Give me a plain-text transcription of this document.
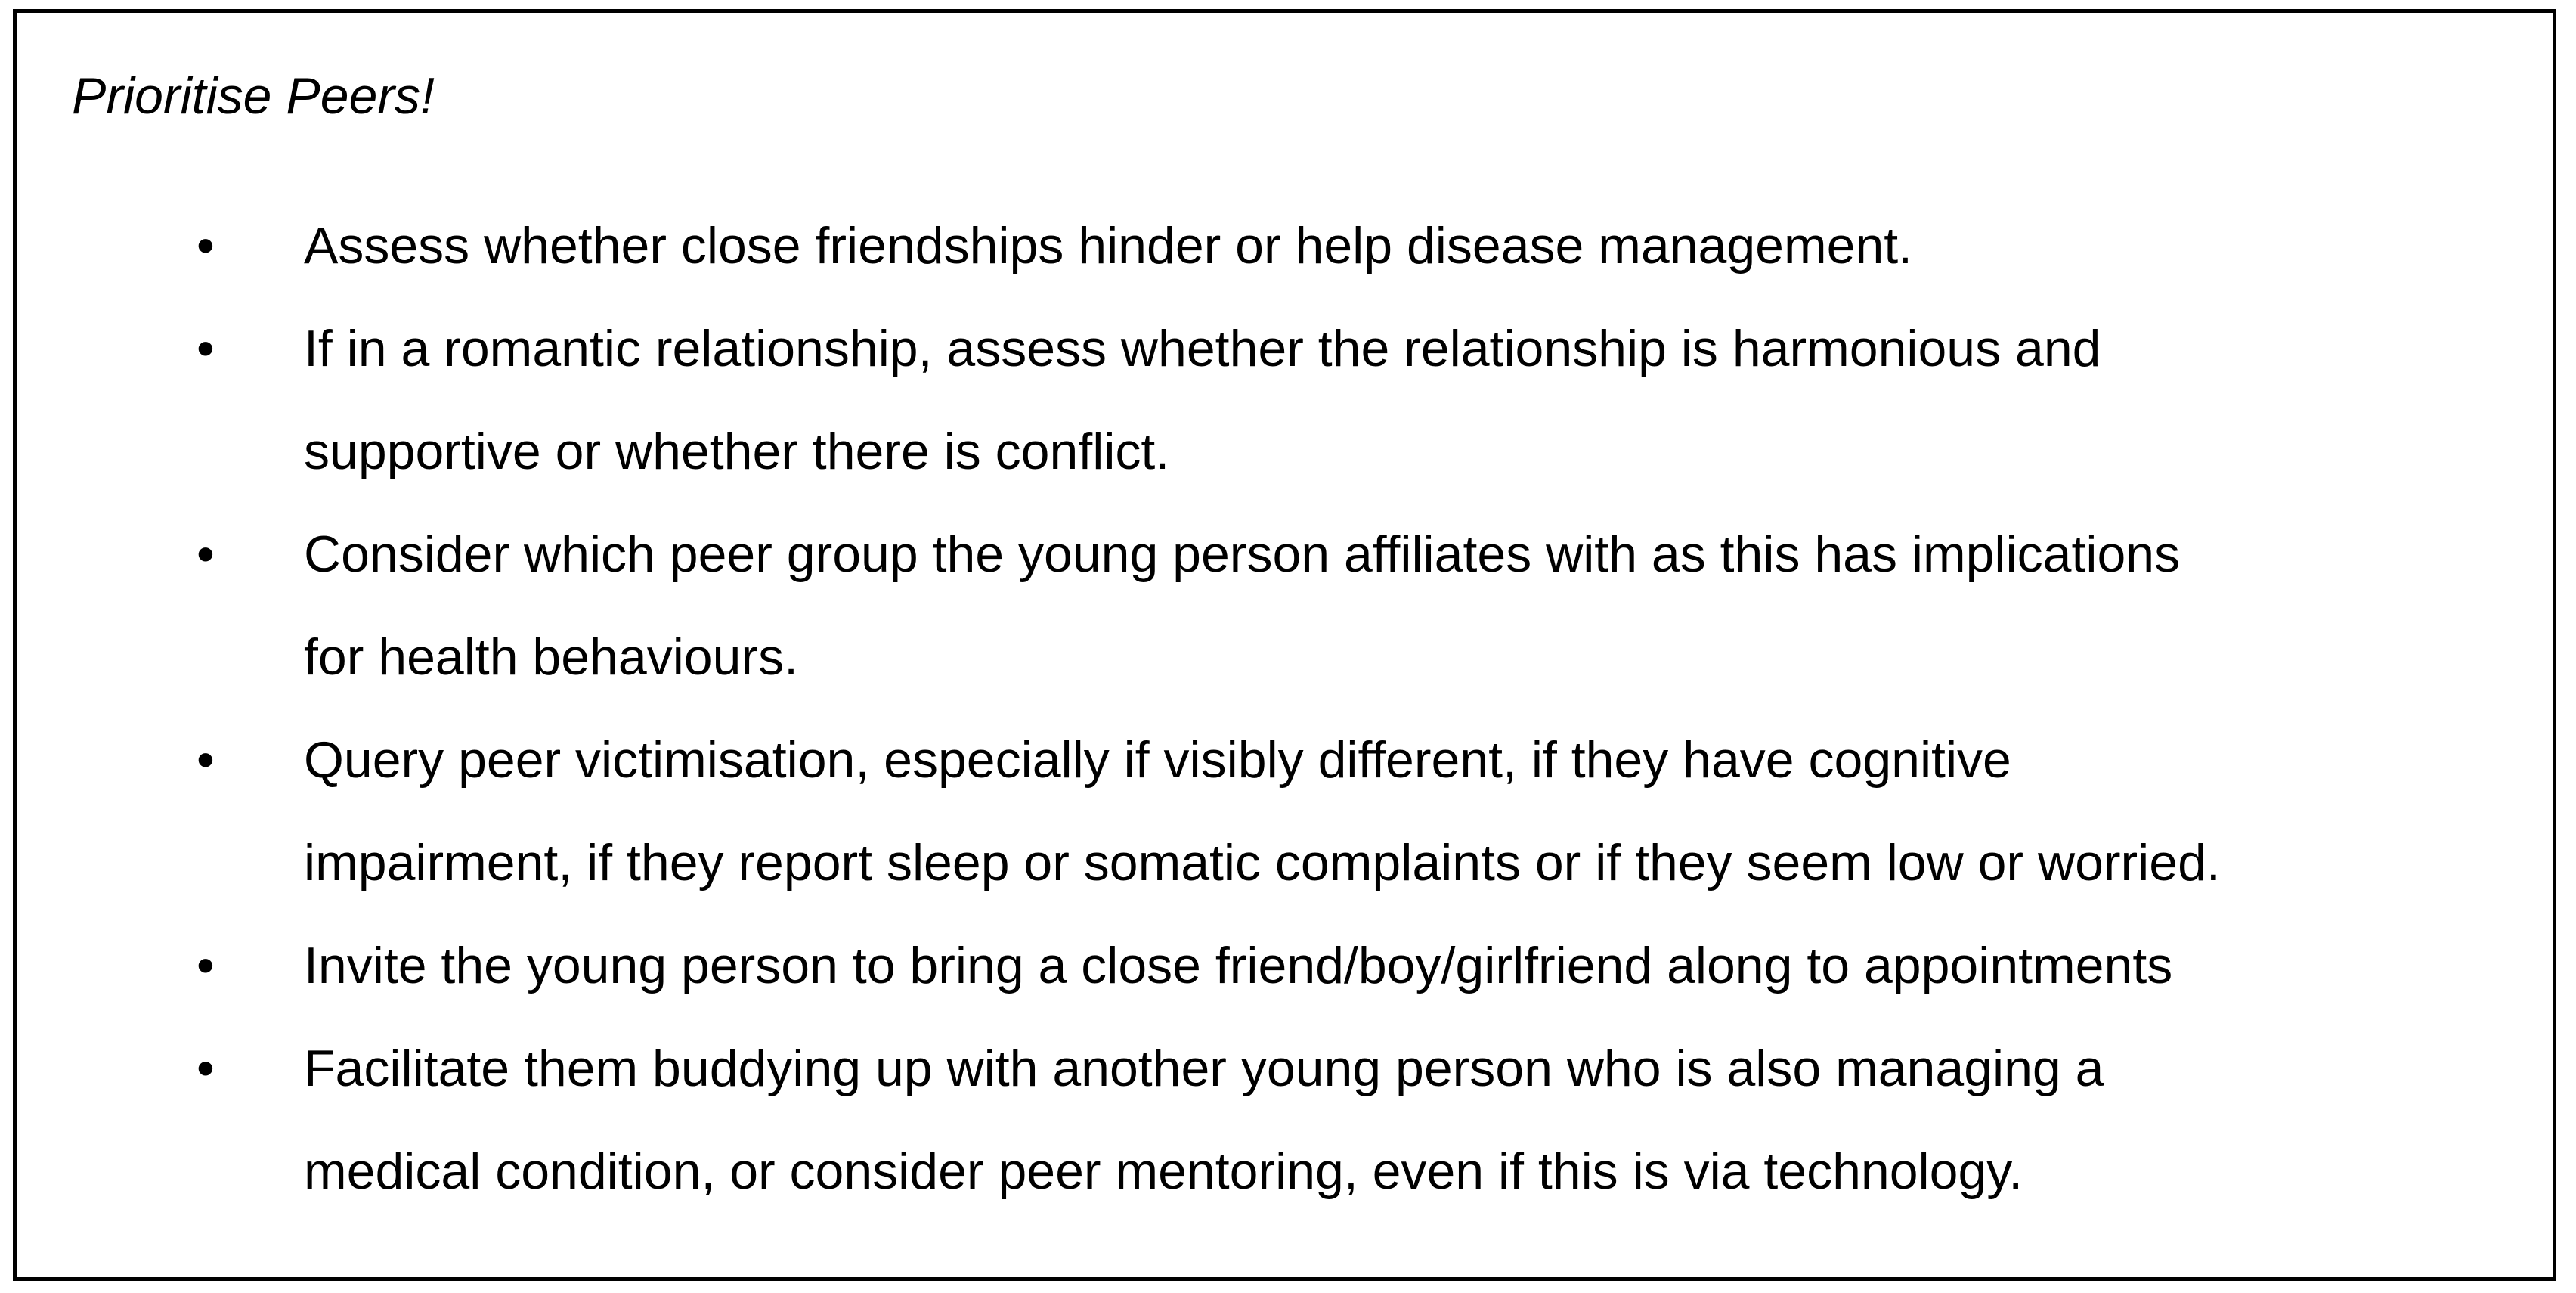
Prioritise Peers!
• Assess whether close friendships hinder or help disease management.
• If in a romantic relationship, assess whether the relationship is harmonious and
supportive or whether there is conflict.
• Consider which peer group the young person affiliates with as this has implications
for health behaviours.
• Query peer victimisation, especially if visibly different, if they have cognitive
impairment, if they report sleep or somatic complaints or if they seem low or worried.
• Invite the young person to bring a close friend/boy/girlfriend along to appointments
• Facilitate them buddying up with another young person who is also managing a
medical condition, or consider peer mentoring, even if this is via technology.
